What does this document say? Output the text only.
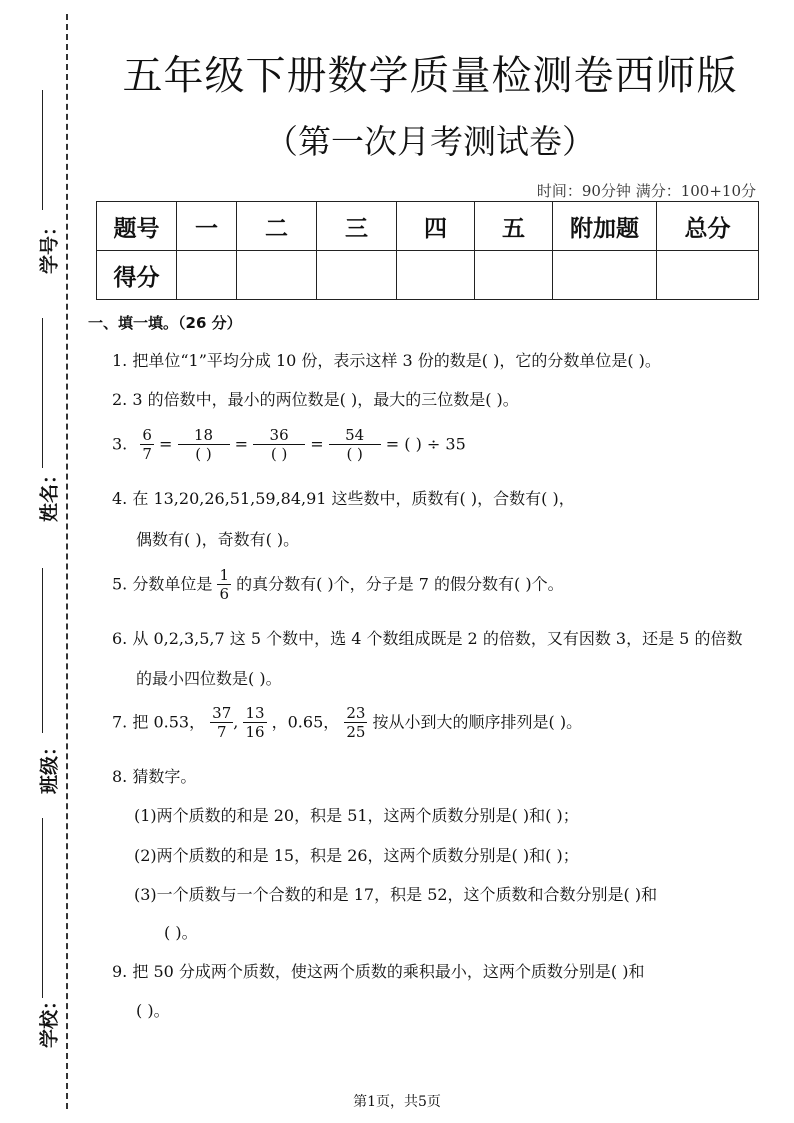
学号：
姓名：
班级：
学校：
五年级下册数学质量检测卷西师版
（第一次月考测试卷）
时间：90分钟 满分：100+10分
题号	一	二	三	四	五	附加题	总分
得分							
一、填一填。（26 分）
1. 把单位“1”平均分成 10 份，表示这样 3 份的数是( )，它的分数单位是( )。
2. 3 的倍数中，最小的两位数是( )，最大的三位数是( )。
3. $\frac{6}{7} = \frac{18}{( )} = \frac{36}{( )} = \frac{54}{( )}$ = ( ) ÷ 35
4. 在 13,20,26,51,59,84,91 这些数中，质数有( )，合数有( )，
偶数有( )，奇数有( )。
5. 分数单位是 $\frac{1}{6}$ 的真分数有( )个，分子是 7 的假分数有( )个。
6. 从 0,2,3,5,7 这 5 个数中，选 4 个数组成既是 2 的倍数，又有因数 3，还是 5 的倍数
的最小四位数是( )。
7. 把 0.53， $\frac{37}{7}$ , $\frac{13}{16}$ ，0.65， $\frac{23}{25}$ 按从小到大的顺序排列是( )。
8. 猜数字。
(1)两个质数的和是 20，积是 51，这两个质数分别是( )和( )；
(2)两个质数的和是 15，积是 26，这两个质数分别是( )和( )；
(3)一个质数与一个合数的和是 17，积是 52，这个质数和合数分别是( )和
( )。
9. 把 50 分成两个质数，使这两个质数的乘积最小，这两个质数分别是( )和
( )。
第1页，共5页
